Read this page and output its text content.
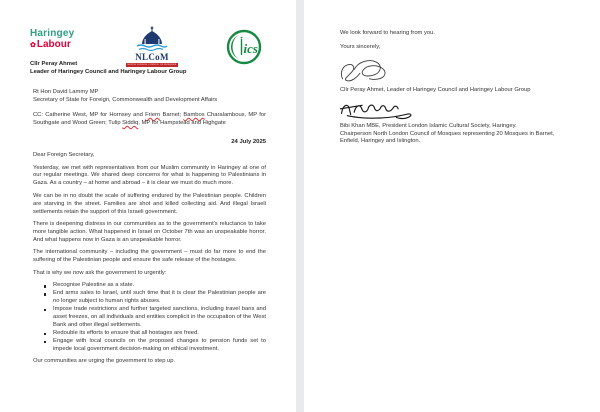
Haringey
✿ Labour
NLCoM
NORTH LONDON COUNCIL OF MOSQUES
ics
Cllr Peray Ahmet
Leader of Haringey Council and Haringey Labour Group
Rt Hon David Lammy MP
Secretary of State for Foreign, Commonwealth and Development Affairs
CC: Catherine West, MP for Hornsey and Friern Barnet; Bambos Charalambous, MP for Southgate and Wood Green; Tulip Siddiq, MP for Hampstead and Highgate
24 July 2025

Dear Foreign Secretary,

Yesterday, we met with representatives from our Muslim community in Haringey at one of our regular meetings. We shared deep concerns for what is happening to Palestinians in Gaza. As a country – at home and abroad – it is clear we must do much more.

We can be in no doubt the scale of suffering endured by the Palestinian people. Children are starving in the street. Families are shot and killed collecting aid. And illegal Israeli settlements retain the support of this Israeli government.

There is deepening distress in our communities as to the government's reluctance to take more tangible action. What happened in Israel on October 7th was an unspeakable horror. And what happens now in Gaza is an unspeakable horror.

The international community – including the government – must do far more to end the suffering of the Palestinian people and ensure the safe release of the hostages.

That is why we now ask the government to urgently:

Recognise Palestine as a state.
End arms sales to Israel, until such time that it is clear the Palestinian people are no longer subject to human rights abuses.
Impose trade restrictions and further targeted sanctions, including travel bans and asset freezes, on all individuals and entities complicit in the occupation of the West Bank and other illegal settlements.
Redouble its efforts to ensure that all hostages are freed.
Engage with local councils on the proposed changes to pension funds set to impede local government decision-making on ethical investment.

Our communities are urging the government to step up.

We look forward to hearing from you.
Yours sincerely,
Cllr Peray Ahmet, Leader of Haringey Council and Haringey Labour Group
Bibi Khan MBE, President London Islamic Cultural Society, Haringey.
Chairperson North London Council of Mosques representing 20 Mosques in Barnet,
Enfield, Haringey and Islington.
